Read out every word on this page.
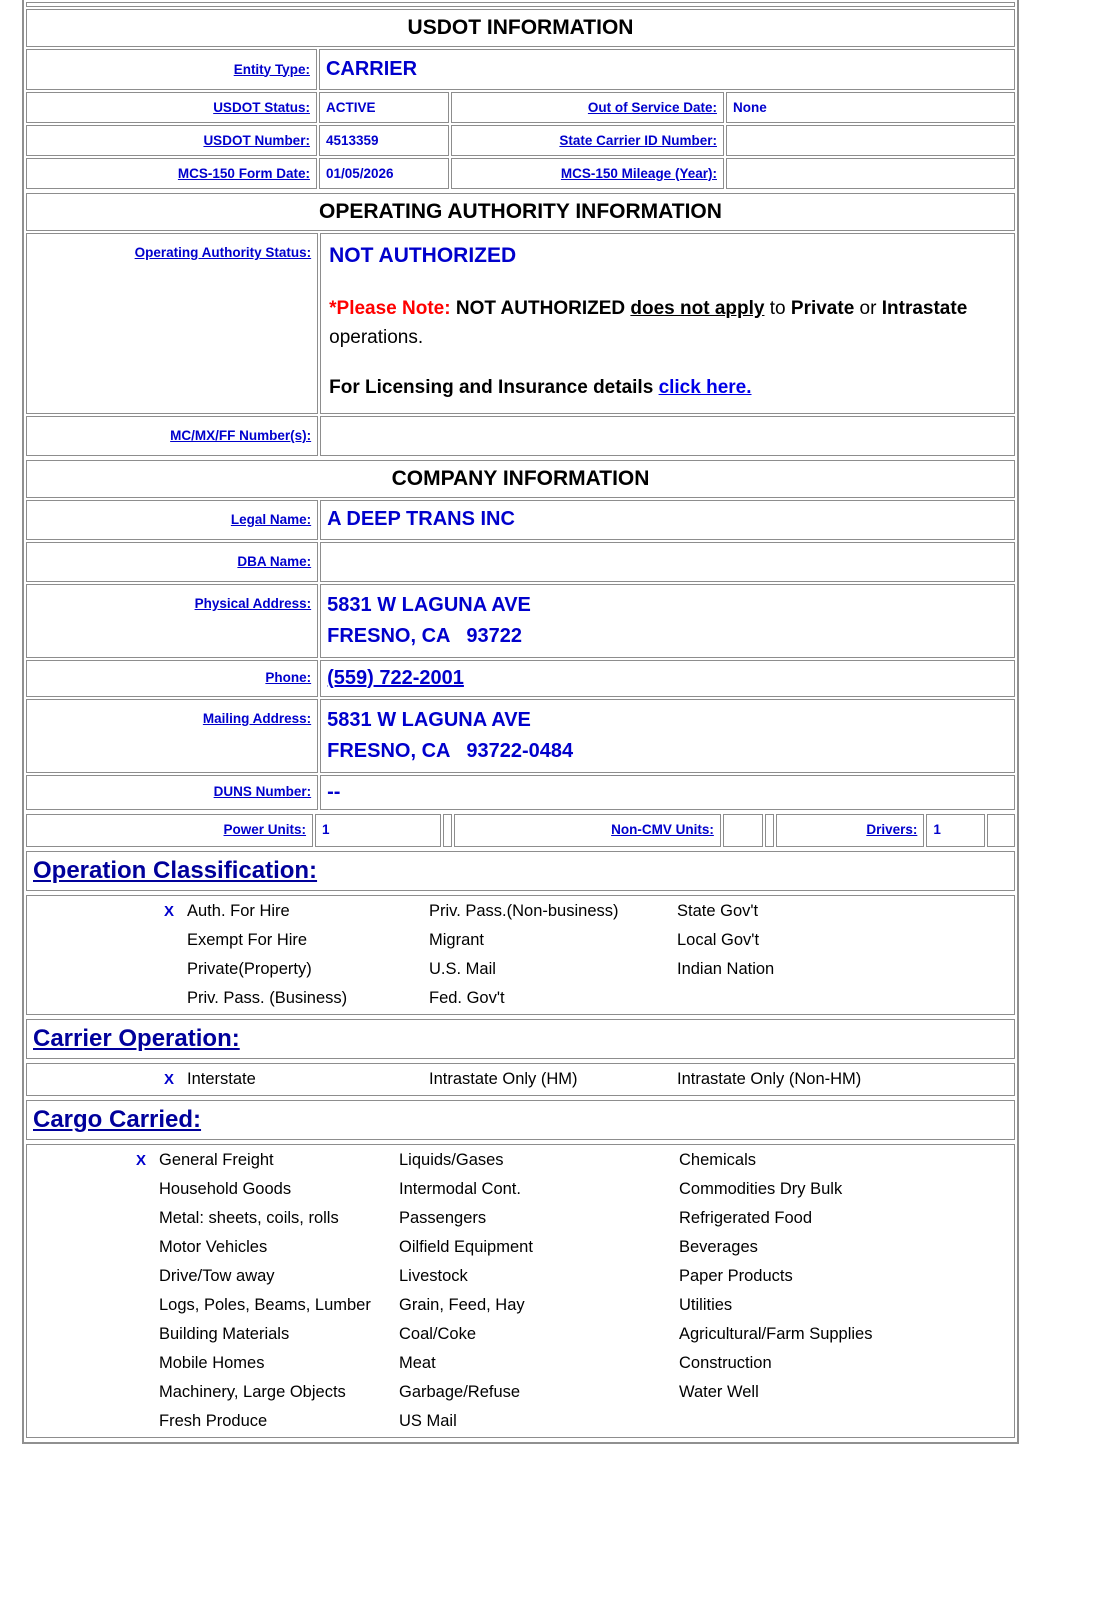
USDOT INFORMATION			
Entity Type:	CARRIER		
USDOT Status:	ACTIVE	Out of Service Date:	None
USDOT Number:	4513359	State Carrier ID Number:	
MCS-150 Form Date:	01/05/2026	MCS-150 Mileage (Year):	
OPERATING AUTHORITY INFORMATION	
Operating Authority Status:	NOT AUTHORIZED

*Please Note: NOT AUTHORIZED does not apply to Private or Intrastate operations.

For Licensing and Insurance details click here.

MC/MX/FF Number(s):	
COMPANY INFORMATION	
Legal Name:	A DEEP TRANS INC
DBA Name:	
Physical Address:	5831 W LAGUNA AVE
FRESNO, CA   93722

Phone:	(559) 722-2001
Mailing Address:	5831 W LAGUNA AVE
FRESNO, CA   93722-0484

DUNS Number:	--
Power Units:	1		Non-CMV Units:			Drivers:	1	
Operation Classification:
X Auth. For Hire	Priv. Pass.(Non-business)	State Gov't
Exempt For Hire	Migrant	Local Gov't
Private(Property)	U.S. Mail	Indian Nation
Priv. Pass. (Business)	Fed. Gov't
Carrier Operation:
X Interstate	Intrastate Only (HM)	Intrastate Only (Non-HM)
Cargo Carried:
X General Freight	Liquids/Gases	Chemicals
Household Goods	Intermodal Cont.	Commodities Dry Bulk
Metal: sheets, coils, rolls	Passengers	Refrigerated Food
Motor Vehicles	Oilfield Equipment	Beverages
Drive/Tow away	Livestock	Paper Products
Logs, Poles, Beams, Lumber	Grain, Feed, Hay	Utilities
Building Materials	Coal/Coke	Agricultural/Farm Supplies
Mobile Homes	Meat	Construction
Machinery, Large Objects	Garbage/Refuse	Water Well
Fresh Produce	US Mail
